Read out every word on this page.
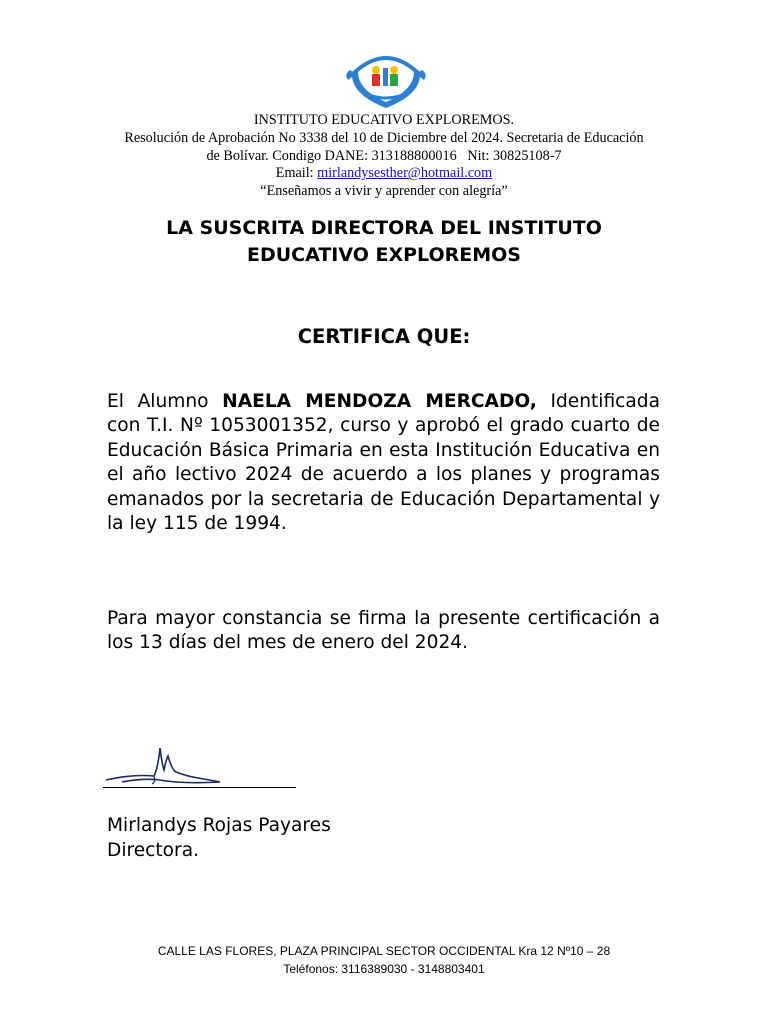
INSTITUTO EDUCATIVO EXPLOREMOS.
Resolución de Aprobación No 3338 del 10 de Diciembre del 2024. Secretaria de Educación
de Bolívar. Condigo DANE: 313188800016   Nit: 30825108-7
Email: mirlandysesther@hotmail.com
“Enseñamos a vivir y aprender con alegría”
LA SUSCRITA DIRECTORA DEL INSTITUTO
EDUCATIVO EXPLOREMOS
CERTIFICA QUE:
El Alumno NAELA MENDOZA MERCADO, Identificada con T.I. Nº 1053001352, curso y aprobó el grado cuarto de Educación Básica Primaria en esta Institución Educativa en el año lectivo 2024 de acuerdo a los planes y programas emanados por la secretaria de Educación Departamental y la ley 115 de 1994.
Para mayor constancia se firma la presente certificación a los 13 días del mes de enero del 2024.
Mirlandys Rojas Payares
Directora.
CALLE LAS FLORES, PLAZA PRINCIPAL SECTOR OCCIDENTAL Kra 12 Nº10 – 28
Teléfonos: 3116389030 - 3148803401
